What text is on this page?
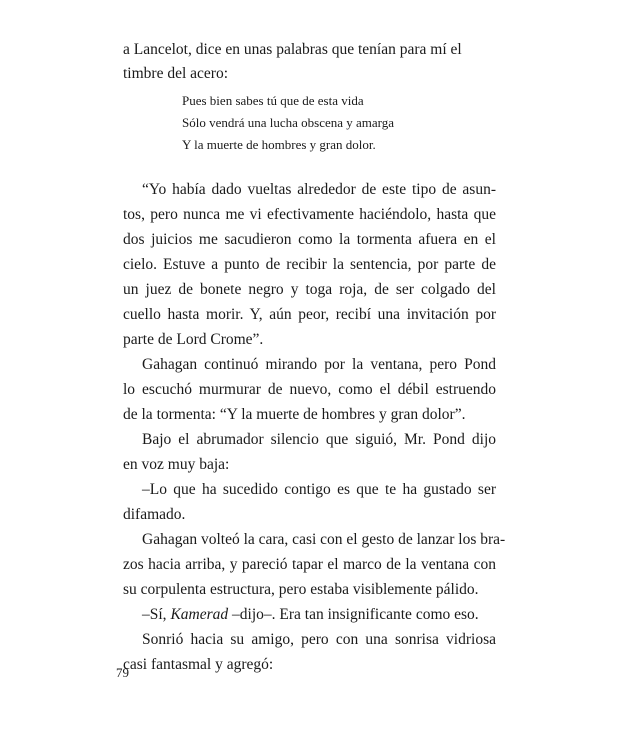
a Lancelot, dice en unas palabras que tenían para mí el
timbre del acero:
Pues bien sabes tú que de esta vida
Sólo vendrá una lucha obscena y amarga
Y la muerte de hombres y gran dolor.
“Yo había dado vueltas alrededor de este tipo de asun-
tos, pero nunca me vi efectivamente haciéndolo, hasta que
dos juicios me sacudieron como la tormenta afuera en el
cielo. Estuve a punto de recibir la sentencia, por parte de
un juez de bonete negro y toga roja, de ser colgado del
cuello hasta morir. Y, aún peor, recibí una invitación por
parte de Lord Crome”.
Gahagan continuó mirando por la ventana, pero Pond
lo escuchó murmurar de nuevo, como el débil estruendo
de la tormenta: “Y la muerte de hombres y gran dolor”.
Bajo el abrumador silencio que siguió, Mr. Pond dijo
en voz muy baja:
–Lo que ha sucedido contigo es que te ha gustado ser
difamado.
Gahagan volteó la cara, casi con el gesto de lanzar los bra-
zos hacia arriba, y pareció tapar el marco de la ventana con
su corpulenta estructura, pero estaba visiblemente pálido.
–Sí, Kamerad –dijo–. Era tan insignificante como eso.
Sonrió hacia su amigo, pero con una sonrisa vidriosa
casi fantasmal y agregó:
79
